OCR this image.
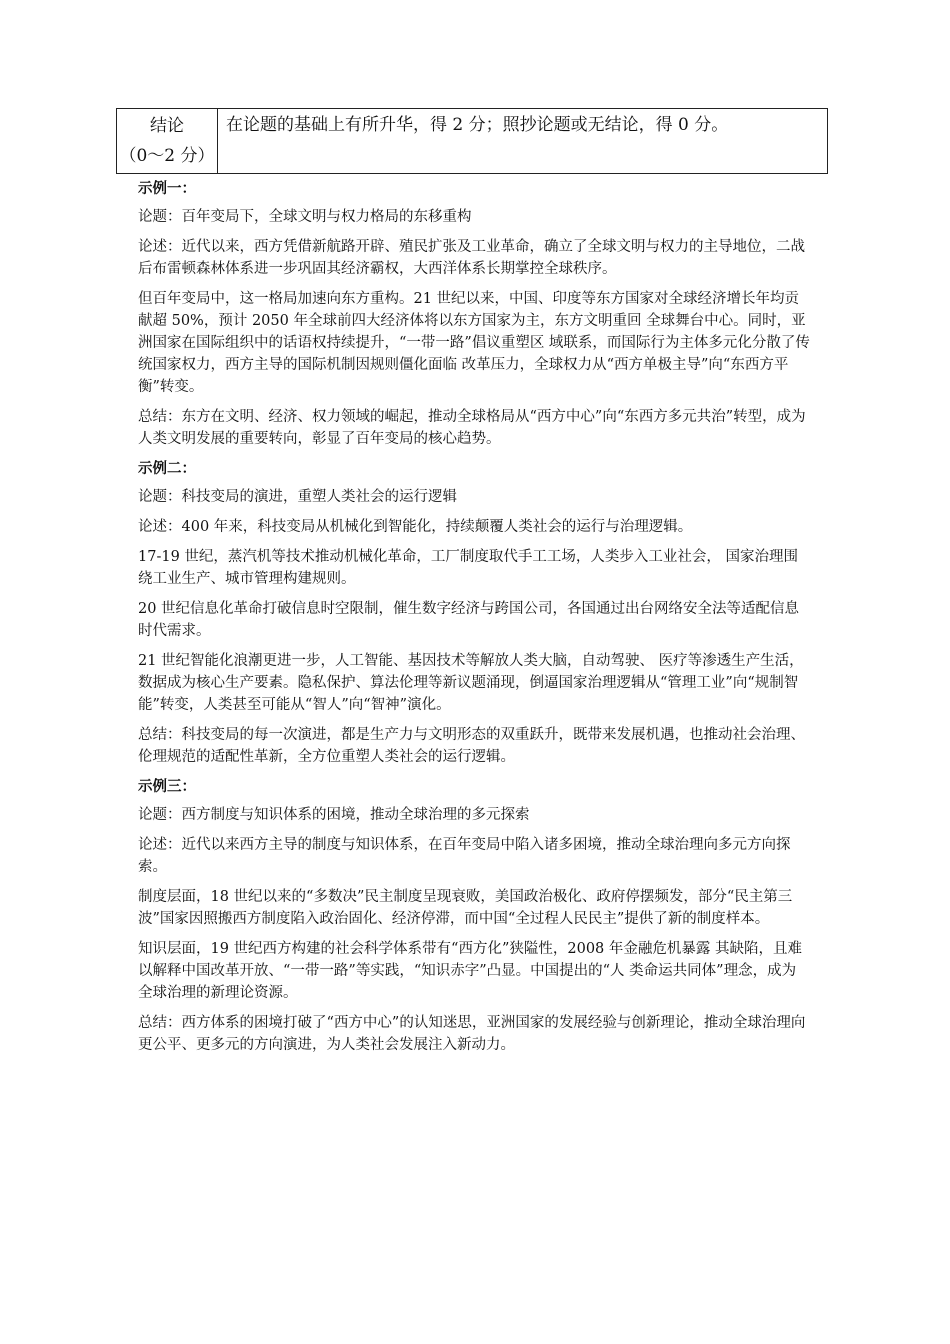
结论
（0～2 分）
在论题的基础上有所升华，得 2 分；照抄论题或无结论，得 0 分。
示例一：

论题：百年变局下，全球文明与权力格局的东移重构

论述：近代以来，西方凭借新航路开辟、殖民扩张及工业革命，确立了全球文明与权力的主导地位，二战后布雷顿森林体系进一步巩固其经济霸权，大西洋体系长期掌控全球秩序。

但百年变局中，这一格局加速向东方重构。21 世纪以来，中国、印度等东方国家对全球经济增长年均贡献超 50%，预计 2050 年全球前四大经济体将以东方国家为主，东方文明重回 全球舞台中心。同时，亚洲国家在国际组织中的话语权持续提升，“一带一路”倡议重塑区 域联系，而国际行为主体多元化分散了传统国家权力，西方主导的国际机制因规则僵化面临 改革压力，全球权力从“西方单极主导”向“东西方平衡”转变。

总结：东方在文明、经济、权力领域的崛起，推动全球格局从“西方中心”向“东西方多元共治”转型，成为人类文明发展的重要转向，彰显了百年变局的核心趋势。

示例二：

论题：科技变局的演进，重塑人类社会的运行逻辑

论述：400 年来，科技变局从机械化到智能化，持续颠覆人类社会的运行与治理逻辑。

17-19 世纪，蒸汽机等技术推动机械化革命，工厂制度取代手工工场，人类步入工业社会， 国家治理围绕工业生产、城市管理构建规则。

20 世纪信息化革命打破信息时空限制，催生数字经济与跨国公司，各国通过出台网络安全法等适配信息时代需求。

21 世纪智能化浪潮更进一步，人工智能、基因技术等解放人类大脑，自动驾驶、 医疗等渗透生产生活，数据成为核心生产要素。隐私保护、算法伦理等新议题涌现，倒逼国家治理逻辑从“管理工业”向“规制智能”转变，人类甚至可能从“智人”向“智神”演化。

总结：科技变局的每一次演进，都是生产力与文明形态的双重跃升，既带来发展机遇，也推动社会治理、伦理规范的适配性革新，全方位重塑人类社会的运行逻辑。

示例三：

论题：西方制度与知识体系的困境，推动全球治理的多元探索

论述：近代以来西方主导的制度与知识体系，在百年变局中陷入诸多困境，推动全球治理向多元方向探索。

制度层面，18 世纪以来的“多数决”民主制度呈现衰败，美国政治极化、政府停摆频发，部分“民主第三波”国家因照搬西方制度陷入政治固化、经济停滞，而中国“全过程人民民主”提供了新的制度样本。

知识层面，19 世纪西方构建的社会科学体系带有“西方化”狭隘性，2008 年金融危机暴露 其缺陷，且难以解释中国改革开放、“一带一路”等实践，“知识赤字”凸显。中国提出的“人 类命运共同体”理念，成为全球治理的新理论资源。

总结：西方体系的困境打破了“西方中心”的认知迷思，亚洲国家的发展经验与创新理论，推动全球治理向更公平、更多元的方向演进，为人类社会发展注入新动力。
